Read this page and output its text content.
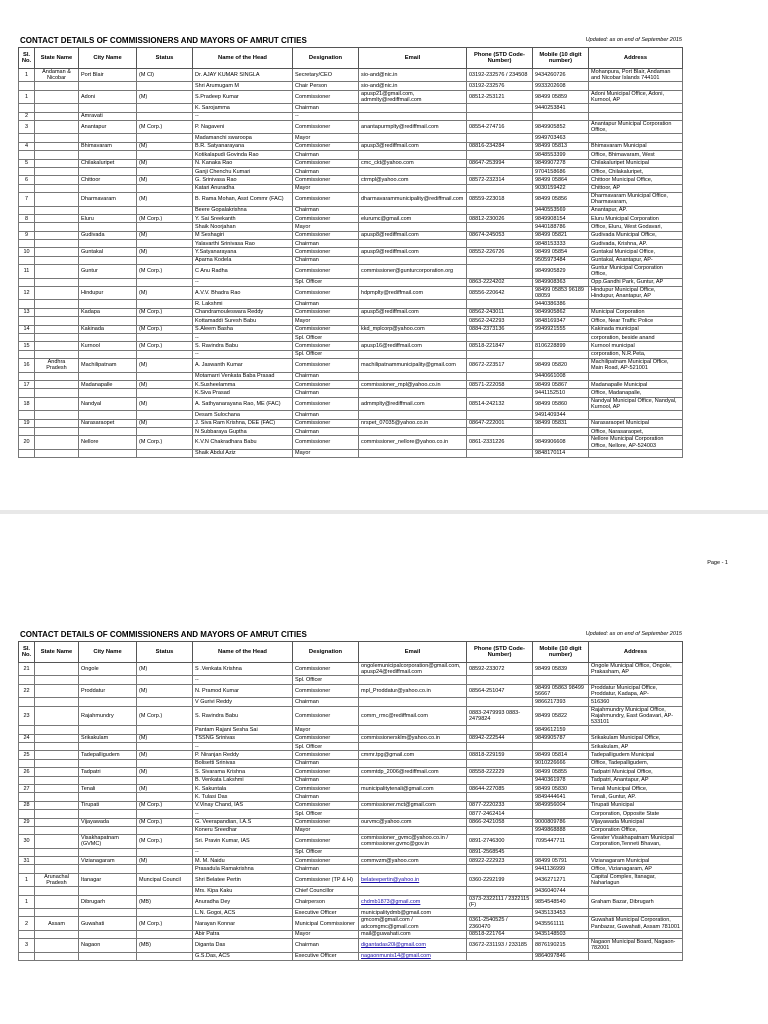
CONTACT DETAILS OF COMMISSIONERS AND MAYORS OF AMRUT CITIES	Updated: as on end of September 2015
Sl. No.	State Name	City Name	Status	Name of the Head	Designation	Email	Phone (STD Code-Number)	Mobile (10 digit number)	Address
1	Andaman & Nicobar	Port Blair	(M Cl)	Dr. AJAY KUMAR SINGLA	Secretary/CEO	sio-and@nic.in	03192-232576 / 234508	9434260726	Mohanpura, Port Blair, Andaman and Nicobar Islands 744101
				Shri Arumugam M	Chair Person	sio-and@nic.in	03192-232576	9933202608	
1		Adoni	(M)	S.Pradeep Kumar	Commissioner	apusp21@gmail.com, admmlty@rediffmail.com	08512-253121	98499 05859	Adoni Municipal Office, Adoni, Kurnool, AP
				K. Sarojamma	Chairman			9440253841	
2		Amravati		--	--				
3		Anantapur	(M Corp.)	P. Nagaveni	Commissioner	anantapurmplty@rediffmail.com	08554-274716	9849905852	Anantapur Municipal Corporation Office,
				Madamanchi swaroopa	Mayor			9949703463	
4		Bhimavaram	(M)	B.R. Satyanarayana	Commissioner	apusp3@rediffmail.com	08816-234284	98499 05813	Bhimavaram Municipal
				Kotikalapudi Govinda Rao	Chairman			9848553399	Office, Bhimavaram, West
5		Chilakaluripet	(M)	N. Kanaka Rao	Commissioner	cmc_ckt@yahoo.com	08647-253994	9849907278	Chilakaluripet Municipal
				Ganji Chenchu Kumari	Chairman			9704158686	Office, Chilakaluripet,
6		Chittoor	(M)	G. Srinivasa Rao	Commissioner	ctrmpl@yahoo.com	08572-232314	98499 05864	Chittoor Municipal Office,
				Katari Anuradha	Mayor			9030159422	Chittoor, AP
7		Dharmavaram	(M)	B. Rama Mohan, Asst Commr (FAC)	Commissioner	dharmavarammunicipality@rediffmail.com	08559-223018	98499 05856	Dharmavaram Municipal Office, Dharmavaram,
				Beere Gopalakrishna	Chairman			9440553569	Anantapur, AP.
8		Eluru	(M Corp.)	Y. Sai Sreekanth	Commissioner	elurumc@gmail.com	08812-230026	9849908154	Eluru Municipal Corporation
				Shaik Noorjahan	Mayor			9440188786	Office, Eluru, West Godavari,
9		Gudivada	(M)	M Seshagiri	Commissioner	apusp8@rediffmail.com	08674-245053	98499 05821	Gudivada Municipal Office,
				Yalavarthi Srinivasa Rao	Chairman			9848153333	Gudivada, Krishna, AP.
10		Guntakal	(M)	Y.Satyanarayana	Commissioner	apusp9@rediffmail.com	08552-226726	98499 05854	Guntakal Municipal Office,
				Aparna Kodela	Chairman			9505973484	Guntakal, Anantapur, AP-
11		Guntur	(M Corp.)	C Anu Radha	Commissioner	commissioner@gunturcorporation.org		9849905829	Guntur Municipal Corporation Office,
				--	Spl. Officer		0863-2224202	9849908363	Opp.Gandhi Park, Guntur, AP
12		Hindupur	(M)	A.V.V. Bhadra Rao	Commissioner	hdpmplty@rediffmail.com	08556-220642	98499 05853 96189 08059	Hindupur Municipal Office, Hindupur, Anantapur, AP
				R. Lakshmi	Chairman			9440386386	
13		Kadapa	(M Corp.)	Chandramouleswara Reddy	Commissioner	apusp5@rediffmail.com	08562-243011	9849905862	Municipal Corporation
				Kottamaddi Suresh Babu	Mayor		08562-242293	9848169347	Office, Near Traffic Police
14		Kakinada	(M Corp.)	S.Aleem Basha	Commissioner	kkd_mplcorp@yahoo.com	0884-2373136	9949921555	Kakinada municipal
				--	Spl. Officer				corporation, beside anand
15		Kurnool	(M Corp.)	S. Ravindra Babu	Commissioner	apusp16@rediffmail.com	08518-221847	8106228899	Kurnool municipal
				--	Spl. Officer				corporation, N.R.Peta,
16	Andhra Pradesh	Machilipatnam	(M)	A. Jaswanth Kumar	Commissioner	machilipatnammunicipality@gmail.com	08672-223517	98499 05820	Machilipatnam Municipal Office, Main Road, AP-521001
				Motamarri Venkata Baba Prasad	Chairman			9440661008	
17		Madanapalle	(M)	K.Susheelamma	Commissioner	commissioner_mpl@yahoo.co.in	08571-222058	98499 05867	Madanapalle Municipal
				K.Siva Prasad	Chairman			9441152510	Office, Madanapalle,
18		Nandyal	(M)	A. Sathyanarayana Rao, ME (FAC)	Commissioner	admmplty@rediffmail.com	08514-242132	98499 05860	Nandyal Municipal Office, Nandyal, Kurnool, AP
				Desam Sulochana	Chairman			9491409344	
19		Narasaraopet	(M)	J. Siva Ram Krishna, DEE (FAC)	Commissioner	nrspet_07035@yahoo.co.in	08647-222001	98499 05831	Narasaraopet Municipal
				N Subbaraya Guptha	Chairman				Office, Narasaraopet,
20		Nellore	(M Corp.)	K.V.N Chakradhara Babu	Commissioner	commissioner_nellore@yahoo.co.in	0861-2331226	9849906608	Nellore Municipal Corporation Office, Nellore, AP-524003
				Shaik Abdul Aziz	Mayor			9848170114	
Page - 1
CONTACT DETAILS OF COMMISSIONERS AND MAYORS OF AMRUT CITIES	Updated: as on end of September 2015
Sl. No.	State Name	City Name	Status	Name of the Head	Designation	Email	Phone (STD Code-Number)	Mobile (10 digit number)	Address
21		Ongole	(M)	S .Venkata Krishna	Commissioner	ongolemunicipalcorporation@gmail.com, apusp24@rediffmail.com	08592-233072	98499 05839	Ongole Municipal Office, Ongole, Prakasham, AP
				--	Spl. Officer				
22		Proddatur	(M)	N. Pramod Kumar	Commissioner	mpl_Proddatur@yahoo.co.in	08564-251047	98499 05863 98499 56667	Proddatur Municipal Office, Proddatur, Kadapa, AP-
				V Gurivi Reddy	Chairman			9866217393	516360
23		Rajahmundry	(M Corp.)	S. Ravindra Babu	Commissioner	comm_rmc@rediffmail.com	0883-2479993 0883-2479824	98499 05822	Rajahmundry Municipal Office, Rajahmundry, East Godavari, AP-533101
				Pantam Rajani Sesha Sai	Mayor			9849612159	
24		Srikakulam	(M)	TSSNG Srinivas	Commissioner	commissionersklm@yahoo.co.in	08942-222544	9849905787	Srikakulam Municipal Office,
				--	Spl. Officer				Srikakulam, AP
25		Tadepalligudem	(M)	P. Niranjan Reddy	Commissioner	cmmr.tpg@gmail.com	08818-229159	98499 05814	Tadepalligudem Municipal
				Bolisetti Srinivas	Chairman			9010226666	Office, Tadepalligudem,
26		Tadpatri	(M)	S. Sivarama Krishna	Commissioner	commtdp_2006@rediffmail.com	08558-222229	98499 05855	Tadpatri Municipal Office,
				B. Venkata Lakshmi	Chairman			9440361978	Tadpatri, Anantapur, AP
27		Tenali	(M)	K. Sakuntala	Commissioner	municipalitytenali@gmail.com	08644-227085	98499 05830	Tenali Municipal Office,
				K. Tulasi Das	Chairman			9849444641	Tenali, Guntur, AP.
28		Tirupati	(M Corp.)	V.Vinay Chand, IAS	Commissioner	commissioner.mct@gmail.com	0877-2220233	9849956004	Tirupati Municipal
				--	Spl. Officer		0877-2462414		Corporation, Opposite State
29		Vijayawada	(M Corp.)	G. Veerapandian, I.A.S	Commissioner	ourvmc@yahoo.com	0866-2421058	9000809786	Vijayawada Municipal
				Koneru Sreedhar	Mayor			9949868888	Corporation Office,
30		Visakhapatnam (GVMC)	(M Corp.)	Sri. Pravin Kumar, IAS	Commissioner	commissioner_gvmc@yahoo.co.in / commissioner.gvmc@gov.in	0891-2746300	7095447711	Greater Visakhapatnam Municipal Corporation,Tenneti Bhavan,
				--	Spl. Officer		0891-2568545		
31		Vizianagaram	(M)	M. M. Naidu	Commissioner	commvzm@yahoo.com	08922-222923	98499 05791	Vizianagaram Municipal
				Prasadula Ramakrishna	Chairman			9441136999	Office, Vizianagaram, AP
1	Arunachal Pradesh	Itanagar	Muncipal Council	Shri Belatee Pertin	Commissioner (TP & H)	belateepertin@yahoo.in	0360-2292199	9436271271	Capital Complex, Itanagar, Naharlagun
				Mrs. Kipa Kaku	Chief Councillor			9436040744	
1		Dibrugarh	(MB)	Anuradha Dey	Chairperson	chdmb1873@gmail.com	0373-2322111 / 2322115 (F)	9854548540	Graham Bazar, Dibrugarh
				L.N. Gogoi, ACS	Executive Officer	municipalitydmb@gmail.com		9435133453	
2	Assam	Guwahati	(M Corp.)	Narayan Konnar	Municipal Commissioner	gmcom@gmail.com / adcomgmc@gmail.com	0361-2540525 / 2360470	9435561111	Guwahati Municipal Corporation, Panbazar, Guwahati, Assam 781001
				Abir Patra	Mayor	mail@guwahati.com	08518-221764	9435148503	
3		Nagaon	(MB)	Diganta Das	Chairman	digantadas20l@gmail.com	03672-231193 / 233185	8876190215	Nagaon Municipal Board, Nagaon-782001
				G.S.Das, ACS	Executive Officer	nagaonmunis14@gmail.com		9864097846	
